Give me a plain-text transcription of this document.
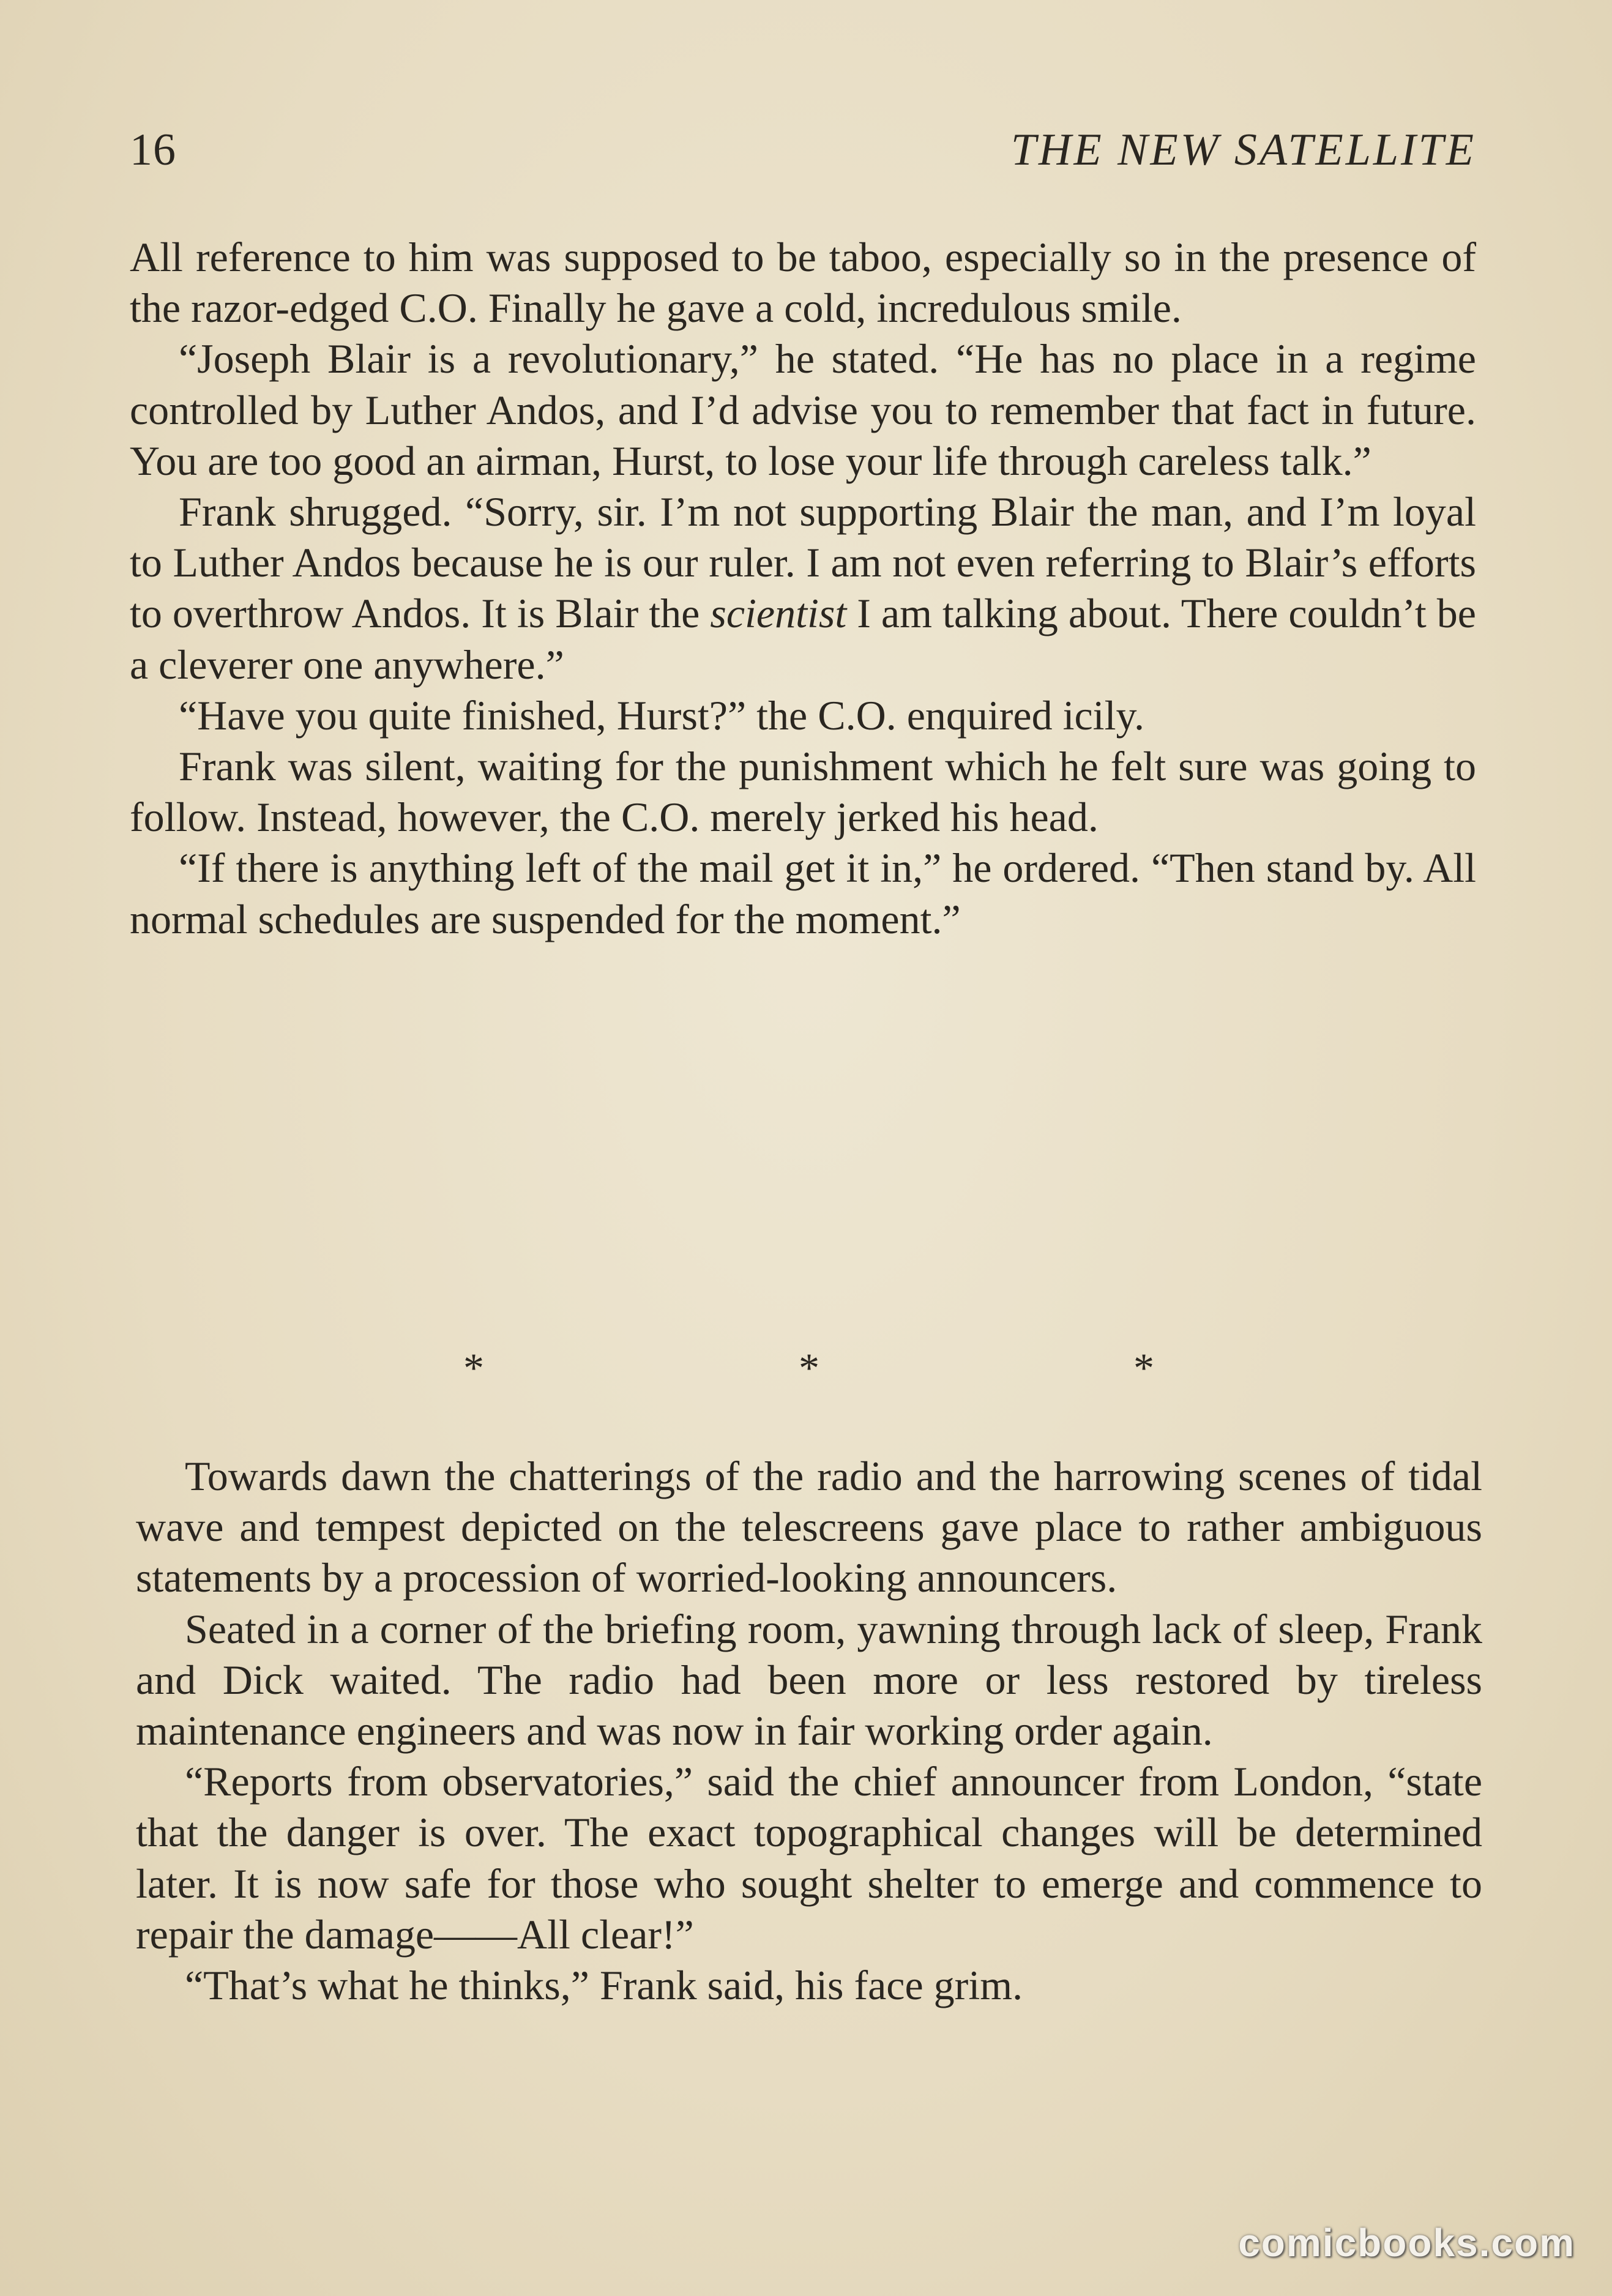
16	THE NEW SATELLITE

All reference to him was supposed to be taboo, especially so in the presence of the razor-edged C.O. Finally he gave a cold, incredulous smile.

“Joseph Blair is a revolutionary,” he stated. “He has no place in a regime controlled by Luther Andos, and I’d advise you to remember that fact in future. You are too good an airman, Hurst, to lose your life through careless talk.”

Frank shrugged. “Sorry, sir. I’m not supporting Blair the man, and I’m loyal to Luther Andos because he is our ruler. I am not even referring to Blair’s efforts to overthrow Andos. It is Blair the scientist I am talking about. There couldn’t be a cleverer one anywhere.”

“Have you quite finished, Hurst?” the C.O. enquired icily.

Frank was silent, waiting for the punishment which he felt sure was going to follow. Instead, however, the C.O. merely jerked his head.

“If there is anything left of the mail get it in,” he ordered. “Then stand by. All normal schedules are suspended for the moment.”

*	*	*

Towards dawn the chatterings of the radio and the harrowing scenes of tidal wave and tempest depicted on the telescreens gave place to rather ambiguous statements by a procession of worried-looking announcers.

Seated in a corner of the briefing room, yawning through lack of sleep, Frank and Dick waited. The radio had been more or less restored by tireless maintenance engineers and was now in fair working order again.

“Reports from observatories,” said the chief announcer from London, “state that the danger is over. The exact topographical changes will be determined later. It is now safe for those who sought shelter to emerge and commence to repair the damage——All clear!”

“That’s what he thinks,” Frank said, his face grim.

comicbooks.com
